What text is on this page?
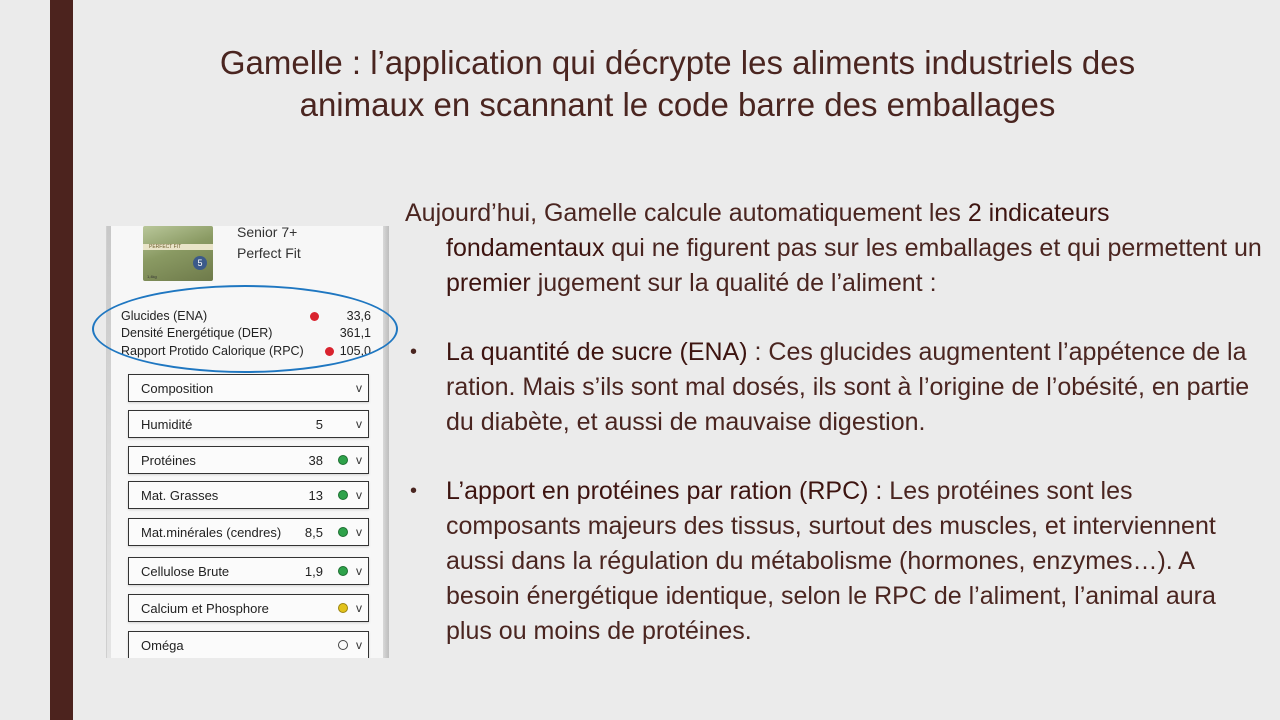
Gamelle : l’application qui décrypte les aliments industriels des
animaux en scannant le code barre des emballages
PERFECT FIT
5
1,4kg
Senior 7+
Perfect Fit
Glucides (ENA)	33,6
Densité Energétique (DER)	361,1
Rapport Protido Calorique (RPC)	105,0
Composition	v
Humidité	5	v
Protéines	38	v
Mat. Grasses	13	v
Mat.minérales (cendres)	8,5	v
Cellulose Brute	1,9	v
Calcium et Phosphore	v
Oméga	v
Aujourd’hui, Gamelle calcule automatiquement les 2 indicateurs fondamentaux qui ne figurent pas sur les emballages et qui permettent un premier jugement sur la qualité de l’aliment :
• La quantité de sucre (ENA) : Ces glucides augmentent l’appétence de la ration. Mais s’ils sont mal dosés, ils sont à l’origine de l’obésité, en partie du diabète, et aussi de mauvaise digestion.
• L’apport en protéines par ration (RPC) : Les protéines sont les composants majeurs des tissus, surtout des muscles, et interviennent aussi dans la régulation du métabolisme (hormones, enzymes…). A besoin énergétique identique, selon le RPC de l’aliment, l’animal aura plus ou moins de protéines.
